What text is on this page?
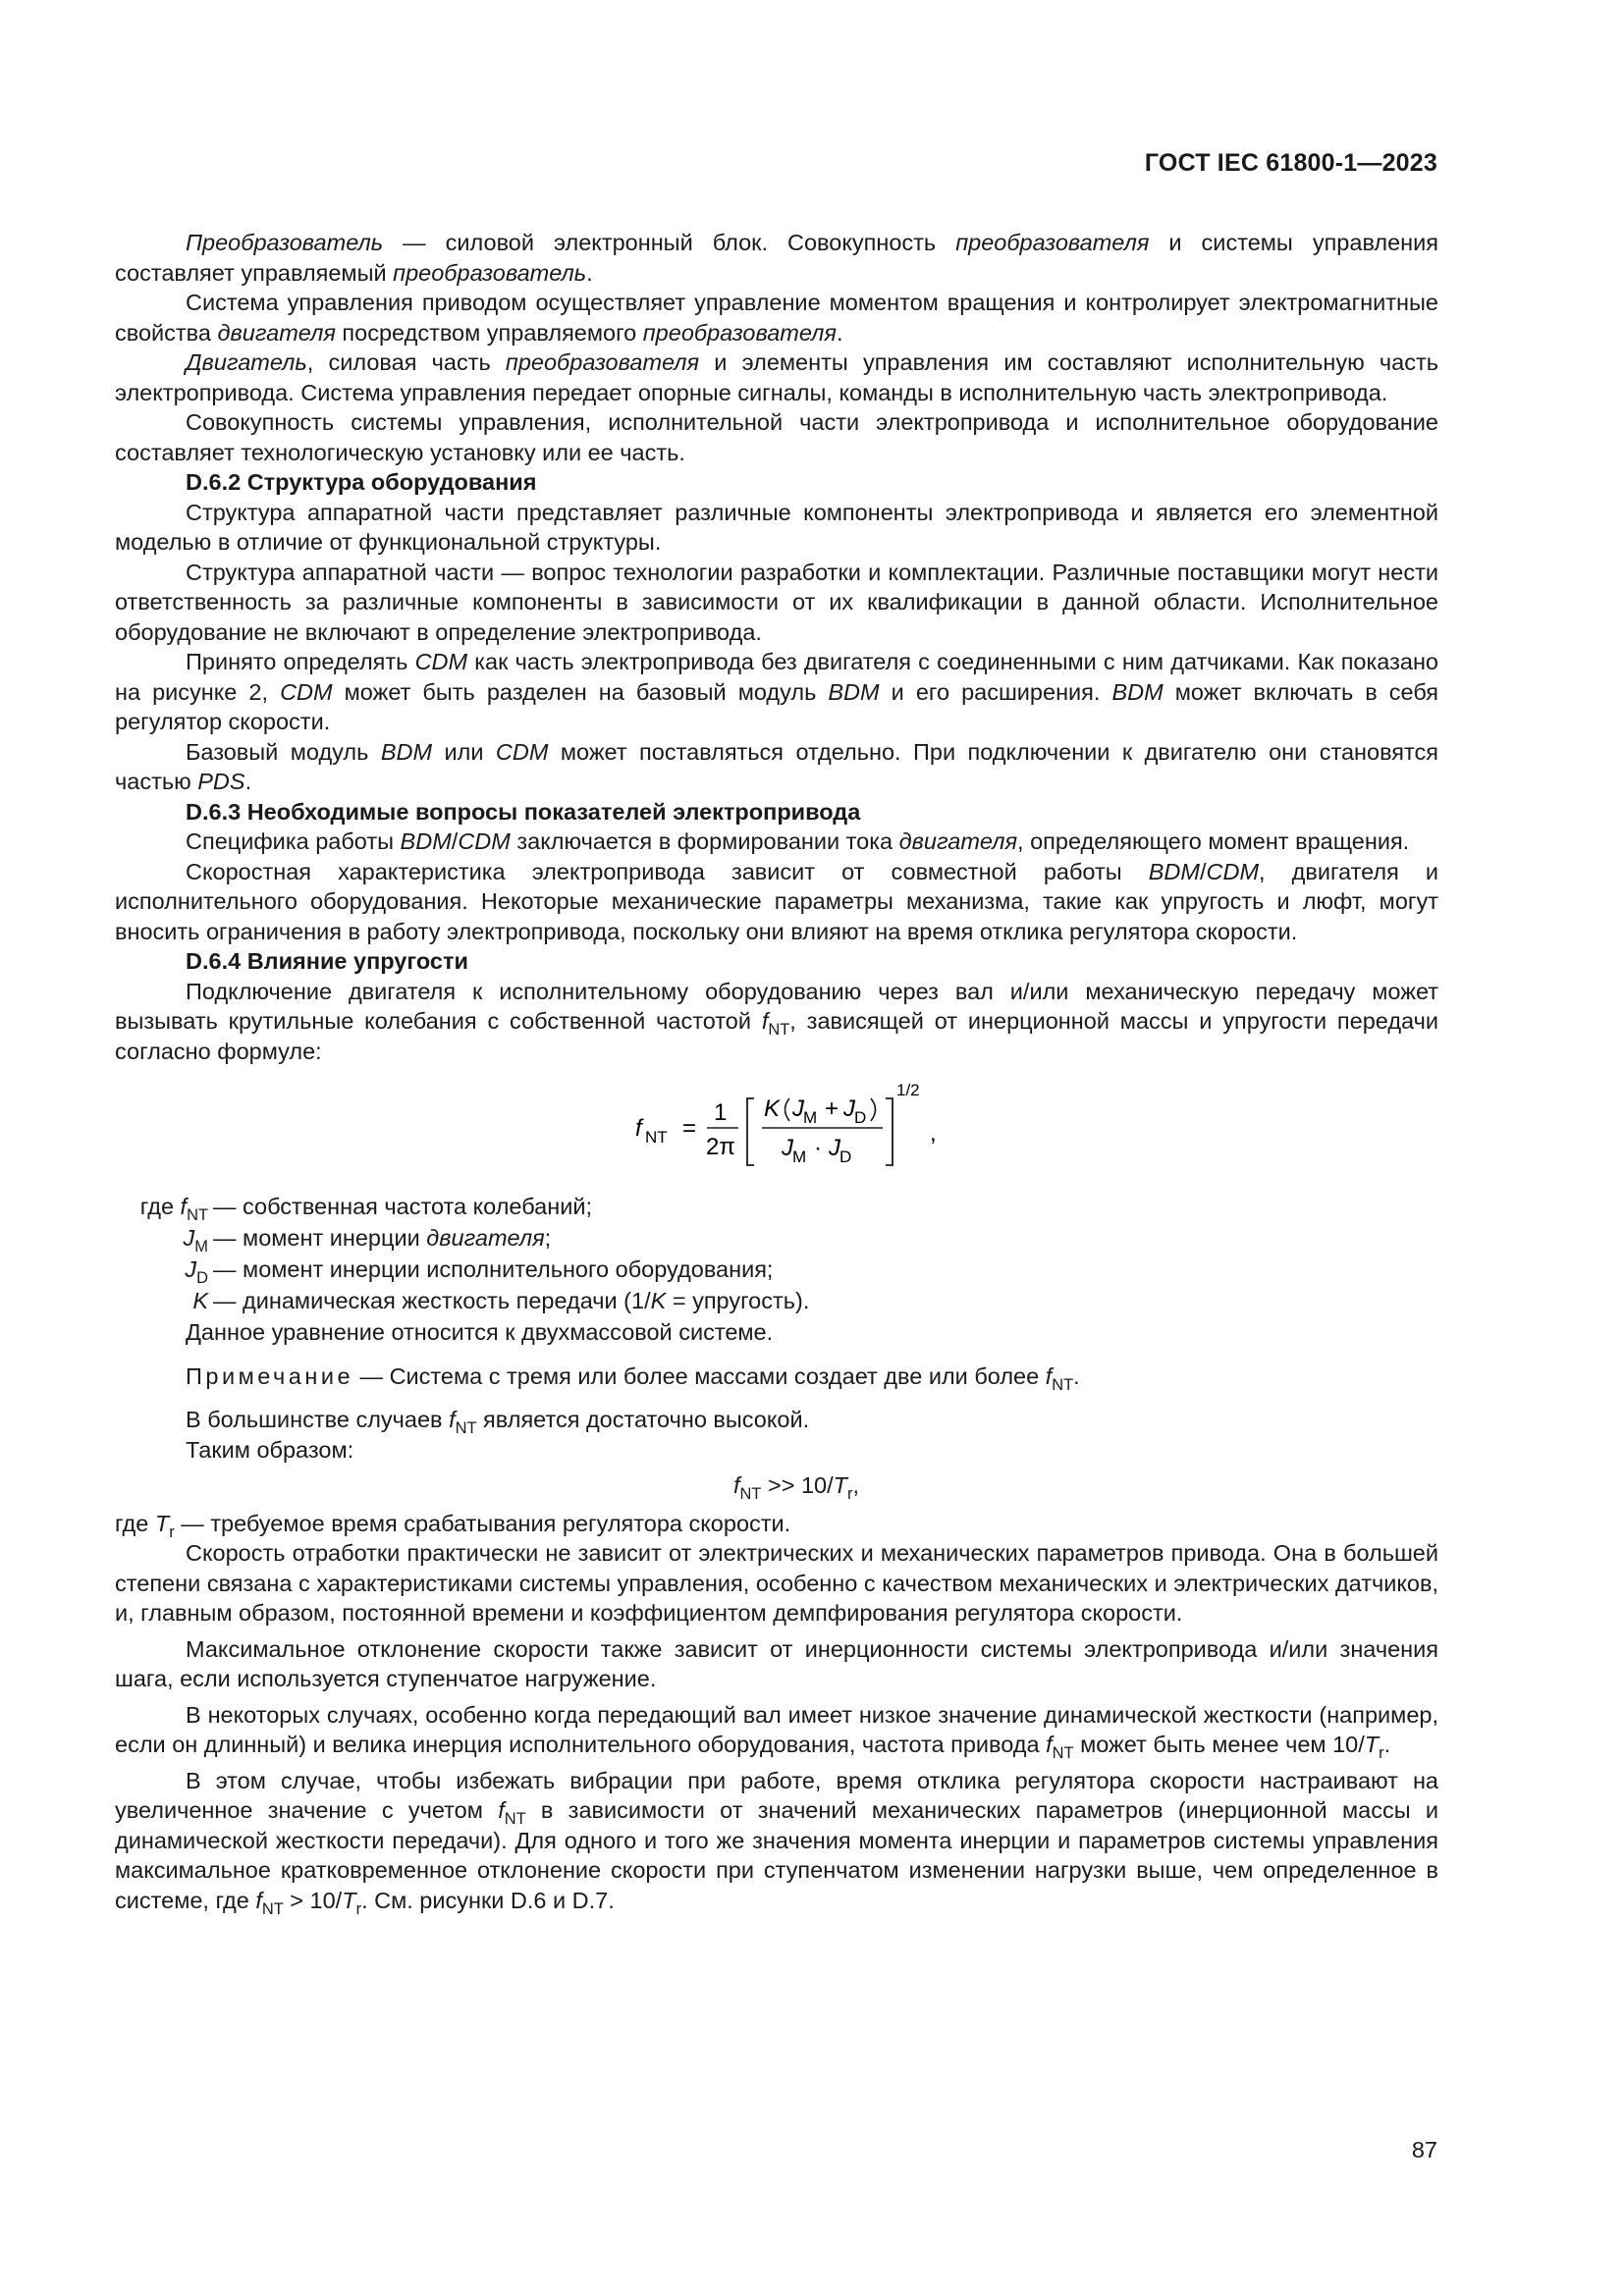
ГОСТ IEC 61800-1—2023

Преобразователь — силовой электронный блок. Совокупность преобразователя и системы управления составляет управляемый преобразователь.

Система управления приводом осуществляет управление моментом вращения и контролирует электромагнитные свойства двигателя посредством управляемого преобразователя.

Двигатель, силовая часть преобразователя и элементы управления им составляют исполнительную часть электропривода. Система управления передает опорные сигналы, команды в исполнительную часть электропривода.

Совокупность системы управления, исполнительной части электропривода и исполнительное оборудование составляет технологическую установку или ее часть.

D.6.2 Структура оборудования

Структура аппаратной части представляет различные компоненты электропривода и является его элементной моделью в отличие от функциональной структуры.

Структура аппаратной части — вопрос технологии разработки и комплектации. Различные поставщики могут нести ответственность за различные компоненты в зависимости от их квалификации в данной области. Исполнительное оборудование не включают в определение электропривода.

Принято определять CDM как часть электропривода без двигателя с соединенными с ним датчиками. Как показано на рисунке 2, CDM может быть разделен на базовый модуль BDM и его расширения. BDM может включать в себя регулятор скорости.

Базовый модуль BDM или CDM может поставляться отдельно. При подключении к двигателю они становятся частью PDS.

D.6.3 Необходимые вопросы показателей электропривода

Специфика работы BDM/CDM заключается в формировании тока двигателя, определяющего момент вращения.

Скоростная характеристика электропривода зависит от совместной работы BDM/CDM, двигателя и исполнительного оборудования. Некоторые механические параметры механизма, такие как упругость и люфт, могут вносить ограничения в работу электропривода, поскольку они влияют на время отклика регулятора скорости.

D.6.4 Влияние упругости

Подключение двигателя к исполнительному оборудованию через вал и/или механическую передачу может вызывать крутильные колебания с собственной частотой $f_{NT}$, зависящей от инерционной массы и упругости передачи согласно формуле:

f NT =
1
2π
K J M + J D
J M · J D
1/2
,
где $f_{NT}$ — собственная частота колебаний;
$J_M$ — момент инерции двигателя;
$J_D$ — момент инерции исполнительного оборудования;
K — динамическая жесткость передачи (1/K = упругость).

Данное уравнение относится к двухмассовой системе.

Примечание — Система с тремя или более массами создает две или более $f_{NT}$.

В большинстве случаев $f_{NT}$ является достаточно высокой.

Таким образом:

$f_{NT} >> 10/T_r$,

где $T_r$ — требуемое время срабатывания регулятора скорости.

Скорость отработки практически не зависит от электрических и механических параметров привода. Она в большей степени связана с характеристиками системы управления, особенно с качеством механических и электрических датчиков, и, главным образом, постоянной времени и коэффициентом демпфирования регулятора скорости.

Максимальное отклонение скорости также зависит от инерционности системы электропривода и/или значения шага, если используется ступенчатое нагружение.

В некоторых случаях, особенно когда передающий вал имеет низкое значение динамической жесткости (например, если он длинный) и велика инерция исполнительного оборудования, частота привода $f_{NT}$ может быть менее чем $10/T_r$.

В этом случае, чтобы избежать вибрации при работе, время отклика регулятора скорости настраивают на увеличенное значение с учетом $f_{NT}$ в зависимости от значений механических параметров (инерционной массы и динамической жесткости передачи). Для одного и того же значения момента инерции и параметров системы управления максимальное кратковременное отклонение скорости при ступенчатом изменении нагрузки выше, чем определенное в системе, где $f_{NT} > 10/T_r$. См. рисунки D.6 и D.7.

87
